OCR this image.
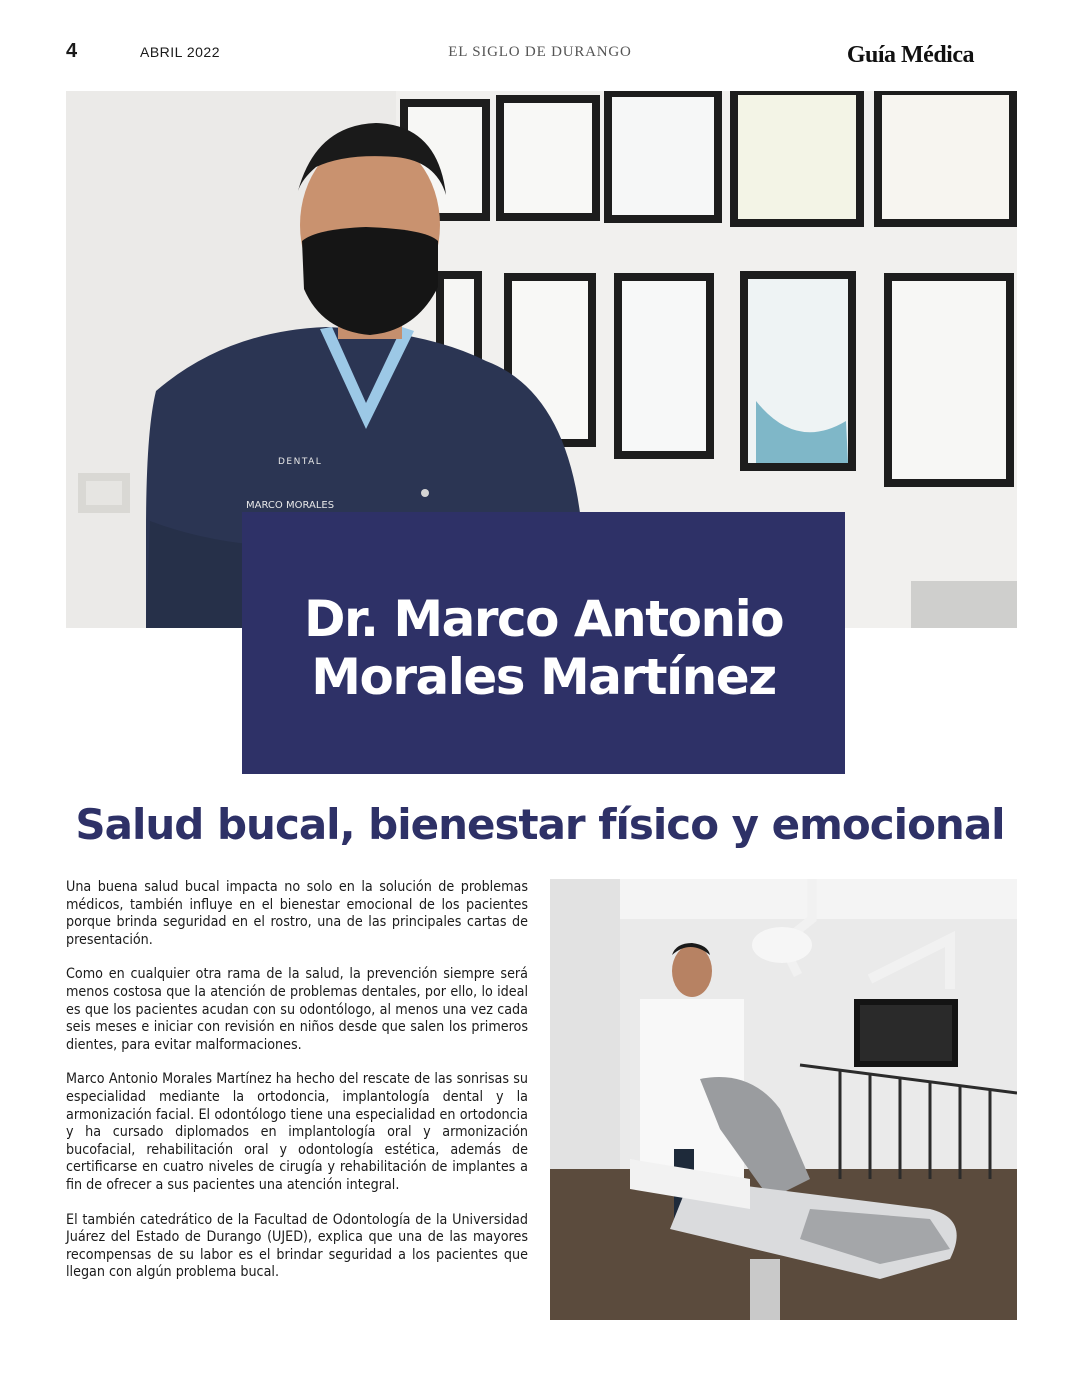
4	ABRIL 2022	EL SIGLO DE DURANGO	Guía Médica
DENTAL
MARCO MORALES
Dr. Marco Antonio
Morales Martínez
Salud bucal, bienestar físico y emocional

Una buena salud bucal impacta no solo en la solución de problemas médicos, también influye en el bienestar emocional de los pacientes porque brinda seguridad en el rostro, una de las principales cartas de presentación.

Como en cualquier otra rama de la salud, la prevención siempre será menos costosa que la atención de problemas dentales, por ello, lo ideal es que los pacientes acudan con su odontólogo, al menos una vez cada seis meses e iniciar con revisión en niños desde que salen los primeros dientes, para evitar malformaciones.

Marco Antonio Morales Martínez ha hecho del rescate de las sonrisas su especialidad mediante la ortodoncia, implantología dental y la armonización facial. El odontólogo tiene una especialidad en ortodoncia y ha cursado diplomados en implantología oral y armonización bucofacial, rehabilitación oral y odontología estética, además de certificarse en cuatro niveles de cirugía y rehabilitación de implantes a fin de ofrecer a sus pacientes una atención integral.

El también catedrático de la Facultad de Odontología de la Universidad Juárez del Estado de Durango (UJED), explica que una de las mayores recompensas de su labor es el brindar seguridad a los pacientes que llegan con algún problema bucal.
